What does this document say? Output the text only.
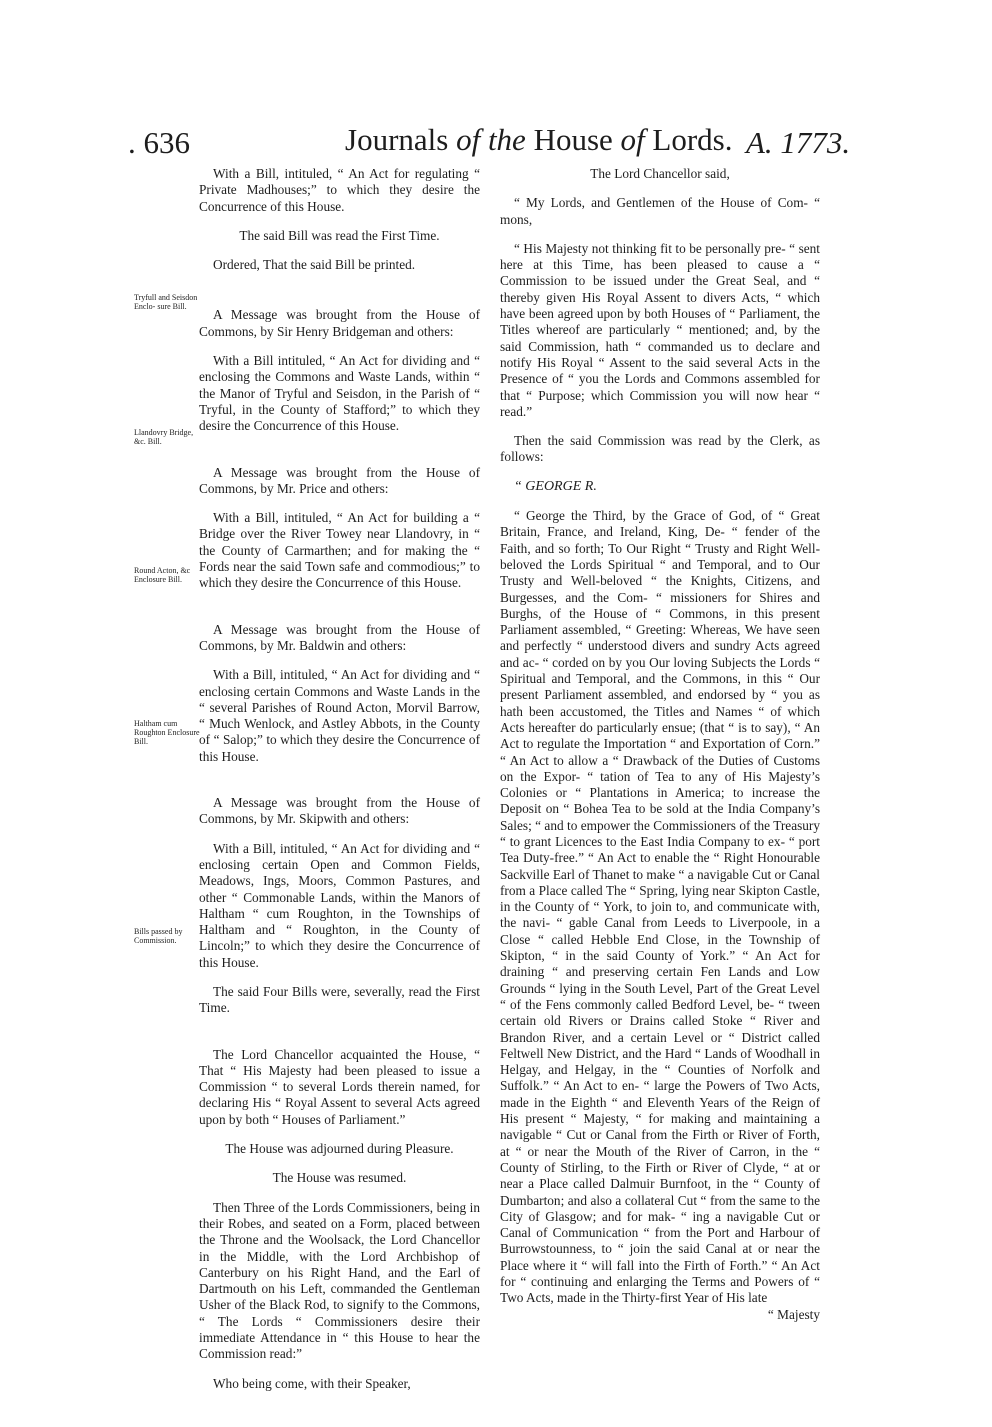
. 636	Journals of the House of Lords. A. 1773.
Tryfull and Seisdon Enclo- sure Bill.
Llandovry Bridge, &c. Bill.
Round Acton, &c Enclosure Bill.
Haltham cum Roughton Enclosure Bill.
Bills passed by Commission.

With a Bill, intituled, “ An Act for regulating “ Private Madhouses;” to which they desire the Concurrence of this House.

The said Bill was read the First Time.

Ordered, That the said Bill be printed.

A Message was brought from the House of Commons, by Sir Henry Bridgeman and others:

With a Bill intituled, “ An Act for dividing and “ enclosing the Commons and Waste Lands, within “ the Manor of Tryful and Seisdon, in the Parish of “ Tryful, in the County of Stafford;” to which they desire the Concurrence of this House.

A Message was brought from the House of Commons, by Mr. Price and others:

With a Bill, intituled, “ An Act for building a “ Bridge over the River Towey near Llandovry, in “ the County of Carmarthen; and for making the “ Fords near the said Town safe and commodious;” to which they desire the Concurrence of this House.

A Message was brought from the House of Commons, by Mr. Baldwin and others:

With a Bill, intituled, “ An Act for dividing and “ enclosing certain Commons and Waste Lands in the “ several Parishes of Round Acton, Morvil Barrow, “ Much Wenlock, and Astley Abbots, in the County of “ Salop;” to which they desire the Concurrence of this House.

A Message was brought from the House of Commons, by Mr. Skipwith and others:

With a Bill, intituled, “ An Act for dividing and “ enclosing certain Open and Common Fields, Meadows, Ings, Moors, Common Pastures, and other “ Commonable Lands, within the Manors of Haltham “ cum Roughton, in the Townships of Haltham and “ Roughton, in the County of Lincoln;” to which they desire the Concurrence of this House.

The said Four Bills were, severally, read the First Time.

The Lord Chancellor acquainted the House, “ That “ His Majesty had been pleased to issue a Commission “ to several Lords therein named, for declaring His “ Royal Assent to several Acts agreed upon by both “ Houses of Parliament.”

The House was adjourned during Pleasure.

The House was resumed.

Then Three of the Lords Commissioners, being in their Robes, and seated on a Form, placed between the Throne and the Woolsack, the Lord Chancellor in the Middle, with the Lord Archbishop of Canterbury on his Right Hand, and the Earl of Dartmouth on his Left, commanded the Gentleman Usher of the Black Rod, to signify to the Commons, “ The Lords “ Commissioners desire their immediate Attendance in “ this House to hear the Commission read:”

Who being come, with their Speaker,

The Lord Chancellor said,

“ My Lords, and Gentlemen of the House of Com- “ mons,

“ His Majesty not thinking fit to be personally pre- “ sent here at this Time, has been pleased to cause a “ Commission to be issued under the Great Seal, and “ thereby given His Royal Assent to divers Acts, “ which have been agreed upon by both Houses of “ Parliament, the Titles whereof are particularly “ mentioned; and, by the said Commission, hath “ commanded us to declare and notify His Royal “ Assent to the said several Acts in the Presence of “ you the Lords and Commons assembled for that “ Purpose; which Commission you will now hear “ read.”

Then the said Commission was read by the Clerk, as follows:

“ GEORGE R.

“ George the Third, by the Grace of God, of “ Great Britain, France, and Ireland, King, De- “ fender of the Faith, and so forth; To Our Right “ Trusty and Right Well-beloved the Lords Spiritual “ and Temporal, and to Our Trusty and Well-beloved “ the Knights, Citizens, and Burgesses, and the Com- “ missioners for Shires and Burghs, of the House of “ Commons, in this present Parliament assembled, “ Greeting: Whereas, We have seen and perfectly “ understood divers and sundry Acts agreed and ac- “ corded on by you Our loving Subjects the Lords “ Spiritual and Temporal, and the Commons, in this “ Our present Parliament assembled, and endorsed by “ you as hath been accustomed, the Titles and Names “ of which Acts hereafter do particularly ensue; (that “ is to say), “ An Act to regulate the Importation “ and Exportation of Corn.” “ An Act to allow a “ Drawback of the Duties of Customs on the Expor- “ tation of Tea to any of His Majesty’s Colonies or “ Plantations in America; to increase the Deposit on “ Bohea Tea to be sold at the India Company’s Sales; “ and to empower the Commissioners of the Treasury “ to grant Licences to the East India Company to ex- “ port Tea Duty-free.” “ An Act to enable the “ Right Honourable Sackville Earl of Thanet to make “ a navigable Cut or Canal from a Place called The “ Spring, lying near Skipton Castle, in the County of “ York, to join to, and communicate with, the navi- “ gable Canal from Leeds to Liverpoole, in a Close “ called Hebble End Close, in the Township of Skipton, “ in the said County of York.” “ An Act for draining “ and preserving certain Fen Lands and Low Grounds “ lying in the South Level, Part of the Great Level “ of the Fens commonly called Bedford Level, be- “ tween certain old Rivers or Drains called Stoke “ River and Brandon River, and a certain Level or “ District called Feltwell New District, and the Hard “ Lands of Woodhall in Helgay, and Helgay, in the “ Counties of Norfolk and Suffolk.” “ An Act to en- “ large the Powers of Two Acts, made in the Eighth “ and Eleventh Years of the Reign of His present “ Majesty, “ for making and maintaining a navigable “ Cut or Canal from the Firth or River of Forth, at “ or near the Mouth of the River of Carron, in the “ County of Stirling, to the Firth or River of Clyde, “ at or near a Place called Dalmuir Burnfoot, in the “ County of Dumbarton; and also a collateral Cut “ from the same to the City of Glasgow; and for mak- “ ing a navigable Cut or Canal of Communication “ from the Port and Harbour of Burrowstounness, to “ join the said Canal at or near the Place where it “ will fall into the Firth of Forth.” “ An Act for “ continuing and enlarging the Terms and Powers of “ Two Acts, made in the Thirty-first Year of His late

“ Majesty
